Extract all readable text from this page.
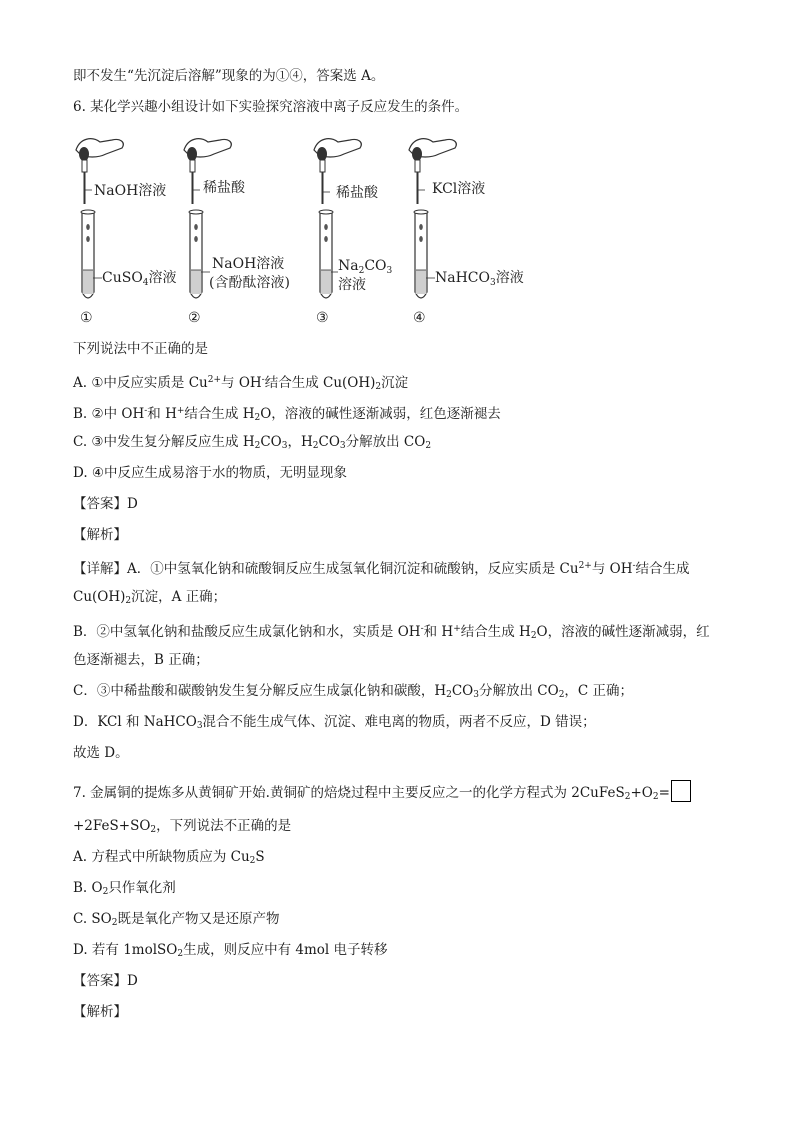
即不发生“先沉淀后溶解”现象的为①④，答案选 A。
6. 某化学兴趣小组设计如下实验探究溶液中离子反应发生的条件。
NaOH溶液
CuSO$_4$溶液
①
稀盐酸
NaOH溶液
(含酚酞溶液)
②
稀盐酸
$Na_2CO_3$
溶液
③
KCl溶液
NaHCO$_3$溶液
④
下列说法中不正确的是
A. ①中反应实质是 $Cu^{2+}$与 OH-结合生成 $Cu(OH)_2$沉淀
B. ②中 OH-和 H+结合生成 $H_2O$，溶液的碱性逐渐减弱，红色逐渐褪去
C. ③中发生复分解反应生成 $H_2CO_3$，$H_2CO_3$分解放出 $CO_2$
D. ④中反应生成易溶于水的物质，无明显现象
【答案】D
【解析】
【详解】A．①中氢氧化钠和硫酸铜反应生成氢氧化铜沉淀和硫酸钠，反应实质是 $Cu^{2+}$与 OH-结合生成
$Cu(OH)_2$沉淀，A 正确；
B．②中氢氧化钠和盐酸反应生成氯化钠和水，实质是 OH-和 H+结合生成 $H_2O$，溶液的碱性逐渐减弱，红
色逐渐褪去，B 正确；
C．③中稀盐酸和碳酸钠发生复分解反应生成氯化钠和碳酸，$H_2CO_3$分解放出 $CO_2$，C 正确；
D．KCl 和 NaHCO$_3$混合不能生成气体、沉淀、难电离的物质，两者不反应，D 错误；
故选 D。
7. 金属铜的提炼多从黄铜矿开始.黄铜矿的焙烧过程中主要反应之一的化学方程式为 $2CuFeS_2+O_2=$
$+2FeS+SO_2$，下列说法不正确的是
A. 方程式中所缺物质应为 $Cu_2S$
B. $O_2$只作氧化剂
C. $SO_2$既是氧化产物又是还原产物
D. 若有 1molSO$_2$生成，则反应中有 4mol 电子转移
【答案】D
【解析】
